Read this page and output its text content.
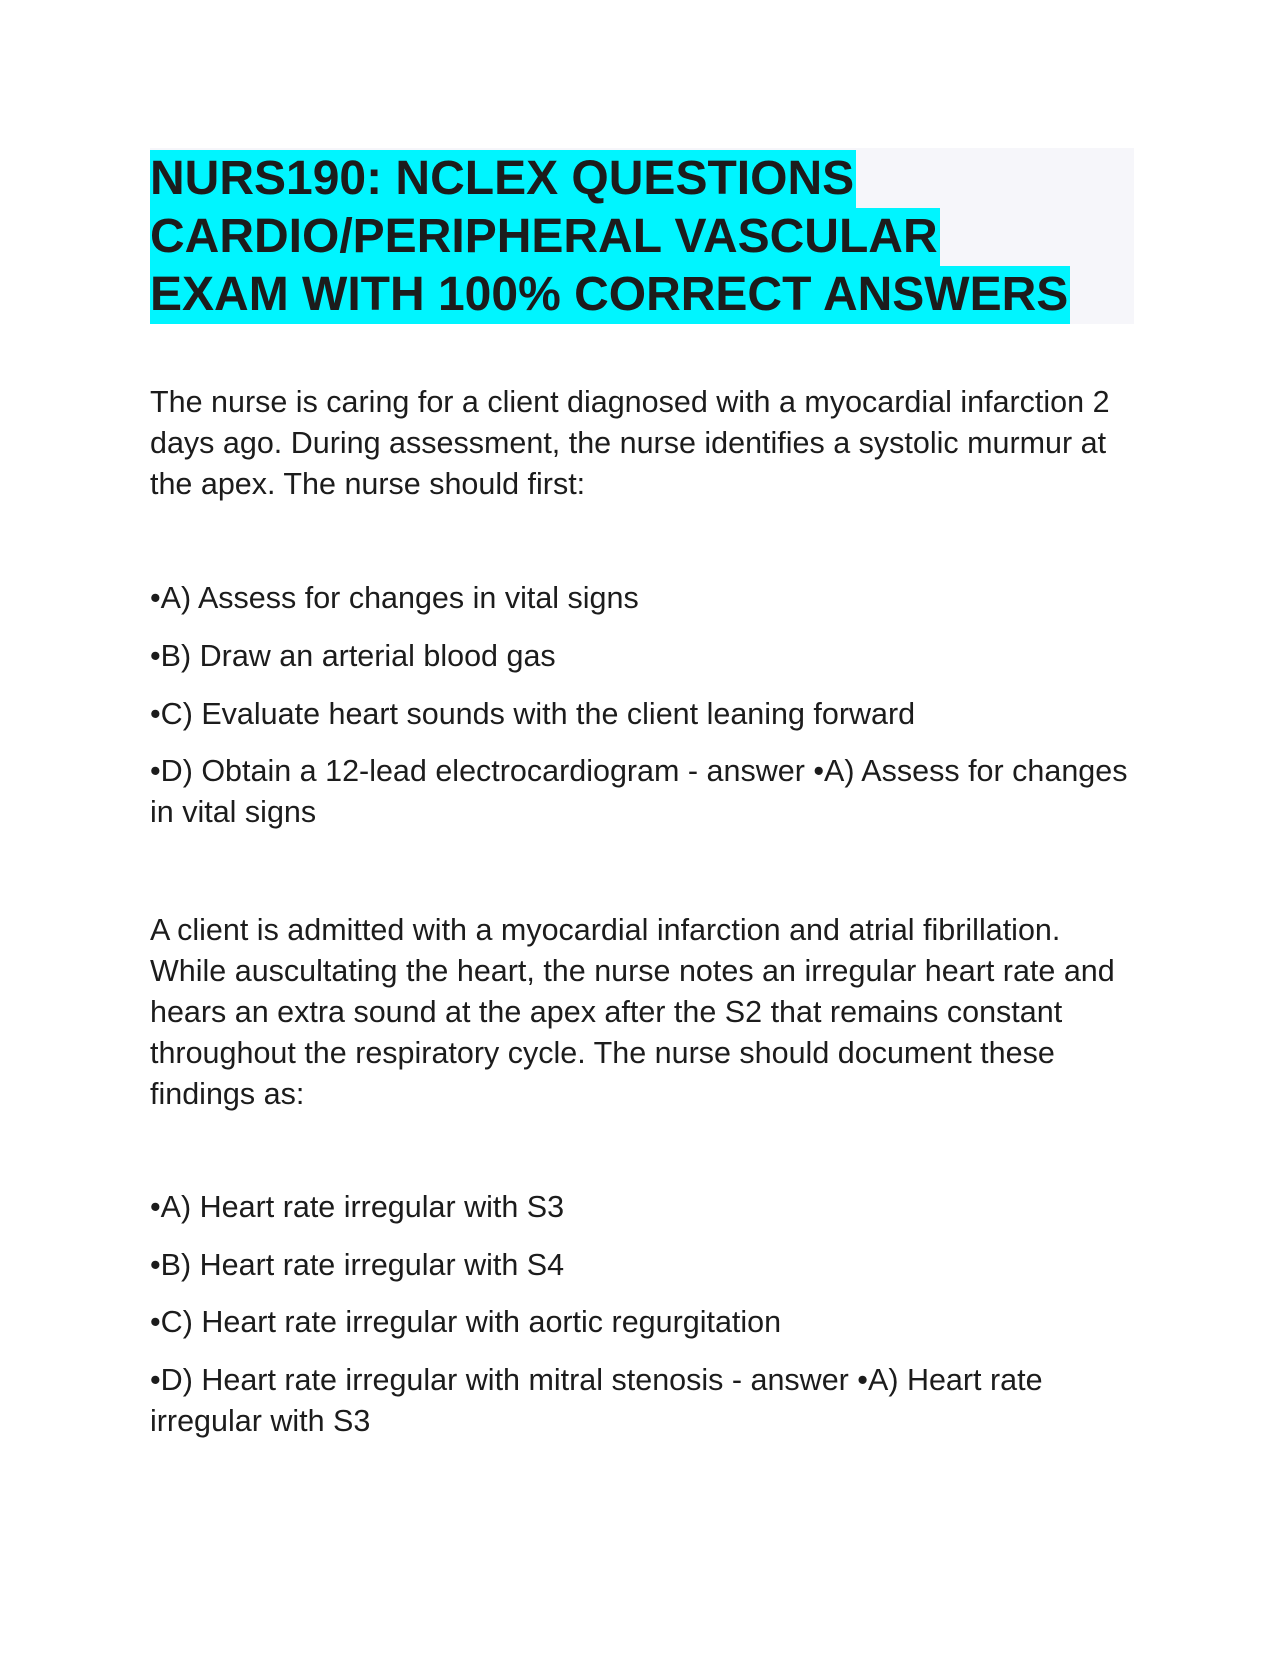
NURS190: NCLEX QUESTIONS
CARDIO/PERIPHERAL VASCULAR
EXAM WITH 100% CORRECT ANSWERS

The nurse is caring for a client diagnosed with a myocardial infarction 2 days ago. During assessment, the nurse identifies a systolic murmur at the apex. The nurse should first:

•A) Assess for changes in vital signs

•B) Draw an arterial blood gas

•C) Evaluate heart sounds with the client leaning forward

•D) Obtain a 12-lead electrocardiogram - answer •A) Assess for changes in vital signs

A client is admitted with a myocardial infarction and atrial fibrillation. While auscultating the heart, the nurse notes an irregular heart rate and hears an extra sound at the apex after the S2 that remains constant throughout the respiratory cycle. The nurse should document these findings as:

•A) Heart rate irregular with S3

•B) Heart rate irregular with S4

•C) Heart rate irregular with aortic regurgitation

•D) Heart rate irregular with mitral stenosis - answer •A) Heart rate irregular with S3
